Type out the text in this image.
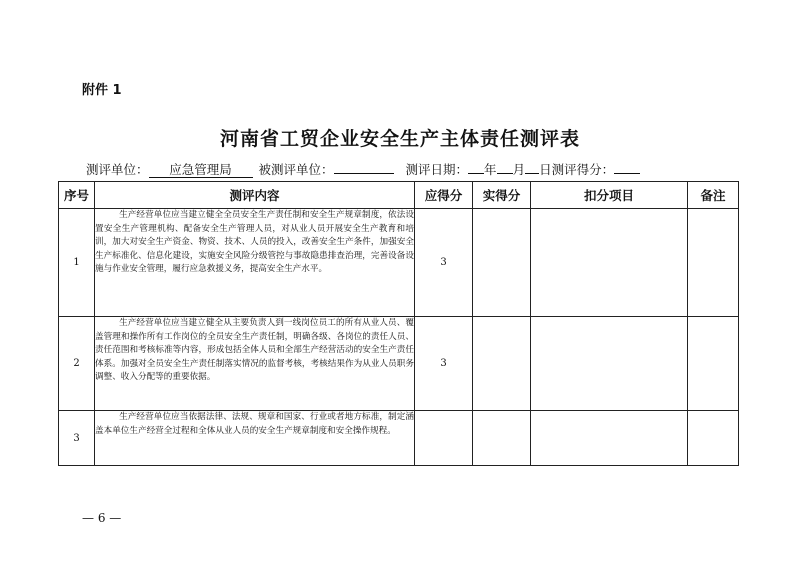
附件 1
河南省工贸企业安全生产主体责任测评表
测评单位： 应急管理局 被测评单位：	测评日期： 年 月 日测评得分：
序号	测评内容	应得分	实得分	扣分项目	备注
1	生产经营单位应当建立健全全员安全生产责任制和安全生产规章制度，依法设置安全生产管理机构、配备安全生产管理人员，对从业人员开展安全生产教育和培训，加大对安全生产资金、物资、技术、人员的投入，改善安全生产条件，加强安全生产标准化、信息化建设，实施安全风险分级管控与事故隐患排查治理，完善设备设施与作业安全管理，履行应急救援义务，提高安全生产水平。	3			
2	生产经营单位应当建立健全从主要负责人到一线岗位员工的所有从业人员、覆盖管理和操作所有工作岗位的全员安全生产责任制，明确各级、各岗位的责任人员、责任范围和考核标准等内容，形成包括全体人员和全部生产经营活动的安全生产责任体系。加强对全员安全生产责任制落实情况的监督考核，考核结果作为从业人员职务调整、收入分配等的重要依据。	3			
3	生产经营单位应当依据法律、法规、规章和国家、行业或者地方标准，制定涵盖本单位生产经营全过程和全体从业人员的安全生产规章制度和安全操作规程。				
— 6 —
